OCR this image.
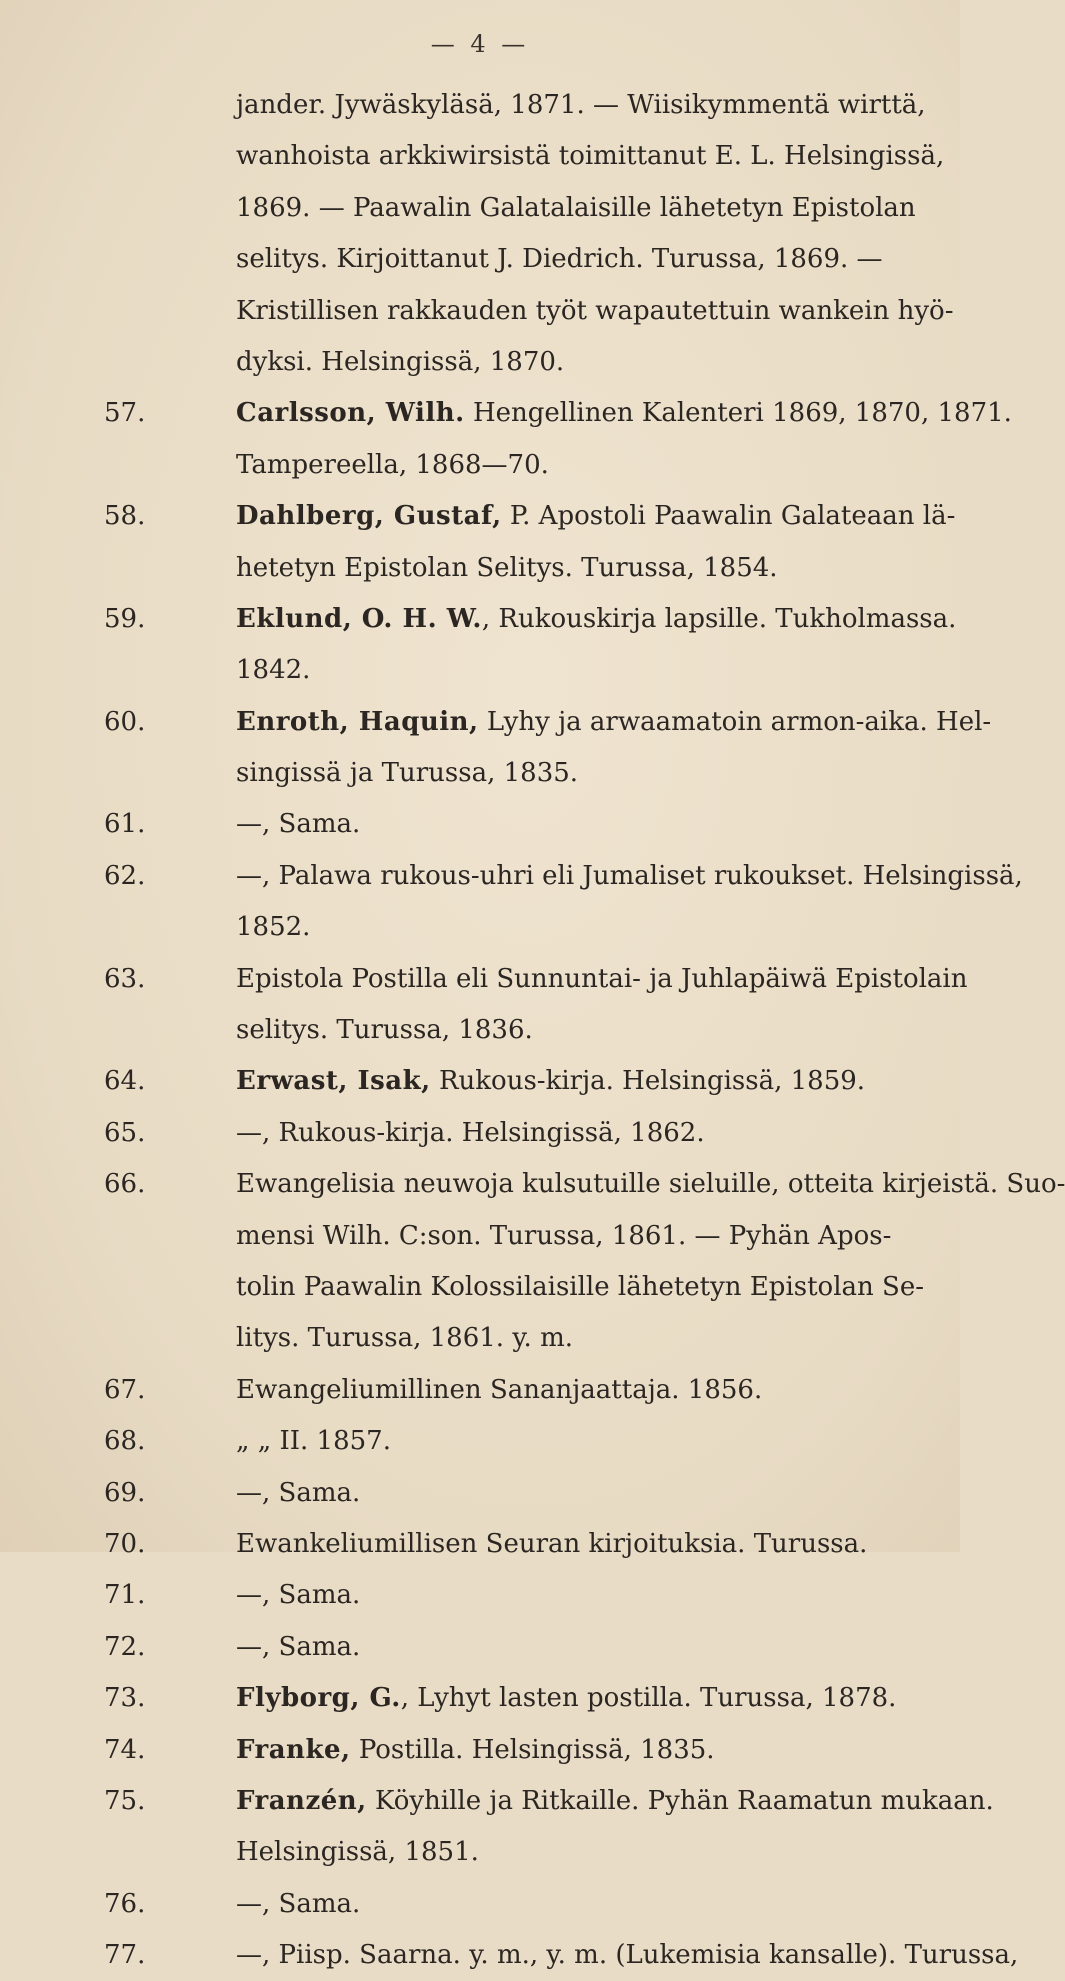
— 4 —
jander. Jywäskyläsä, 1871. — Wiisikymmentä wirttä,
wanhoista arkkiwirsistä toimittanut E. L. Helsingissä,
1869. — Paawalin Galatalaisille lähetetyn Epistolan
selitys. Kirjoittanut J. Diedrich. Turussa, 1869. —
Kristillisen rakkauden työt wapautettuin wankein hyö-
dyksi. Helsingissä, 1870.
57.	Carlsson, Wilh. Hengellinen Kalenteri 1869, 1870, 1871.
Tampereella, 1868—70.
58.	Dahlberg, Gustaf, P. Apostoli Paawalin Galateaan lä-
hetetyn Epistolan Selitys. Turussa, 1854.
59.	Eklund, O. H. W., Rukouskirja lapsille. Tukholmassa.
1842.
60.	Enroth, Haquin, Lyhy ja arwaamatoin armon-aika. Hel-
singissä ja Turussa, 1835.
61.	—, Sama.
62.	—, Palawa rukous-uhri eli Jumaliset rukoukset. Helsingissä,
1852.
63.	Epistola Postilla eli Sunnuntai- ja Juhlapäiwä Epistolain
selitys. Turussa, 1836.
64.	Erwast, Isak, Rukous-kirja. Helsingissä, 1859.
65.	—, Rukous-kirja. Helsingissä, 1862.
66.	Ewangelisia neuwoja kulsutuille sieluille, otteita kirjeistä. Suo-
mensi Wilh. C:son. Turussa, 1861. — Pyhän Apos-
tolin Paawalin Kolossilaisille lähetetyn Epistolan Se-
litys. Turussa, 1861. y. m.
67.	Ewangeliumillinen Sananjaattaja. 1856.
68.	„ „ II. 1857.
69.	—, Sama.
70.	Ewankeliumillisen Seuran kirjoituksia. Turussa.
71.	—, Sama.
72.	—, Sama.
73.	Flyborg, G., Lyhyt lasten postilla. Turussa, 1878.
74.	Franke, Postilla. Helsingissä, 1835.
75.	Franzén, Köyhille ja Ritkaille. Pyhän Raamatun mukaan.
Helsingissä, 1851.
76.	—, Sama.
77.	—, Piisp. Saarna. y. m., y. m. (Lukemisia kansalle). Turussa,
